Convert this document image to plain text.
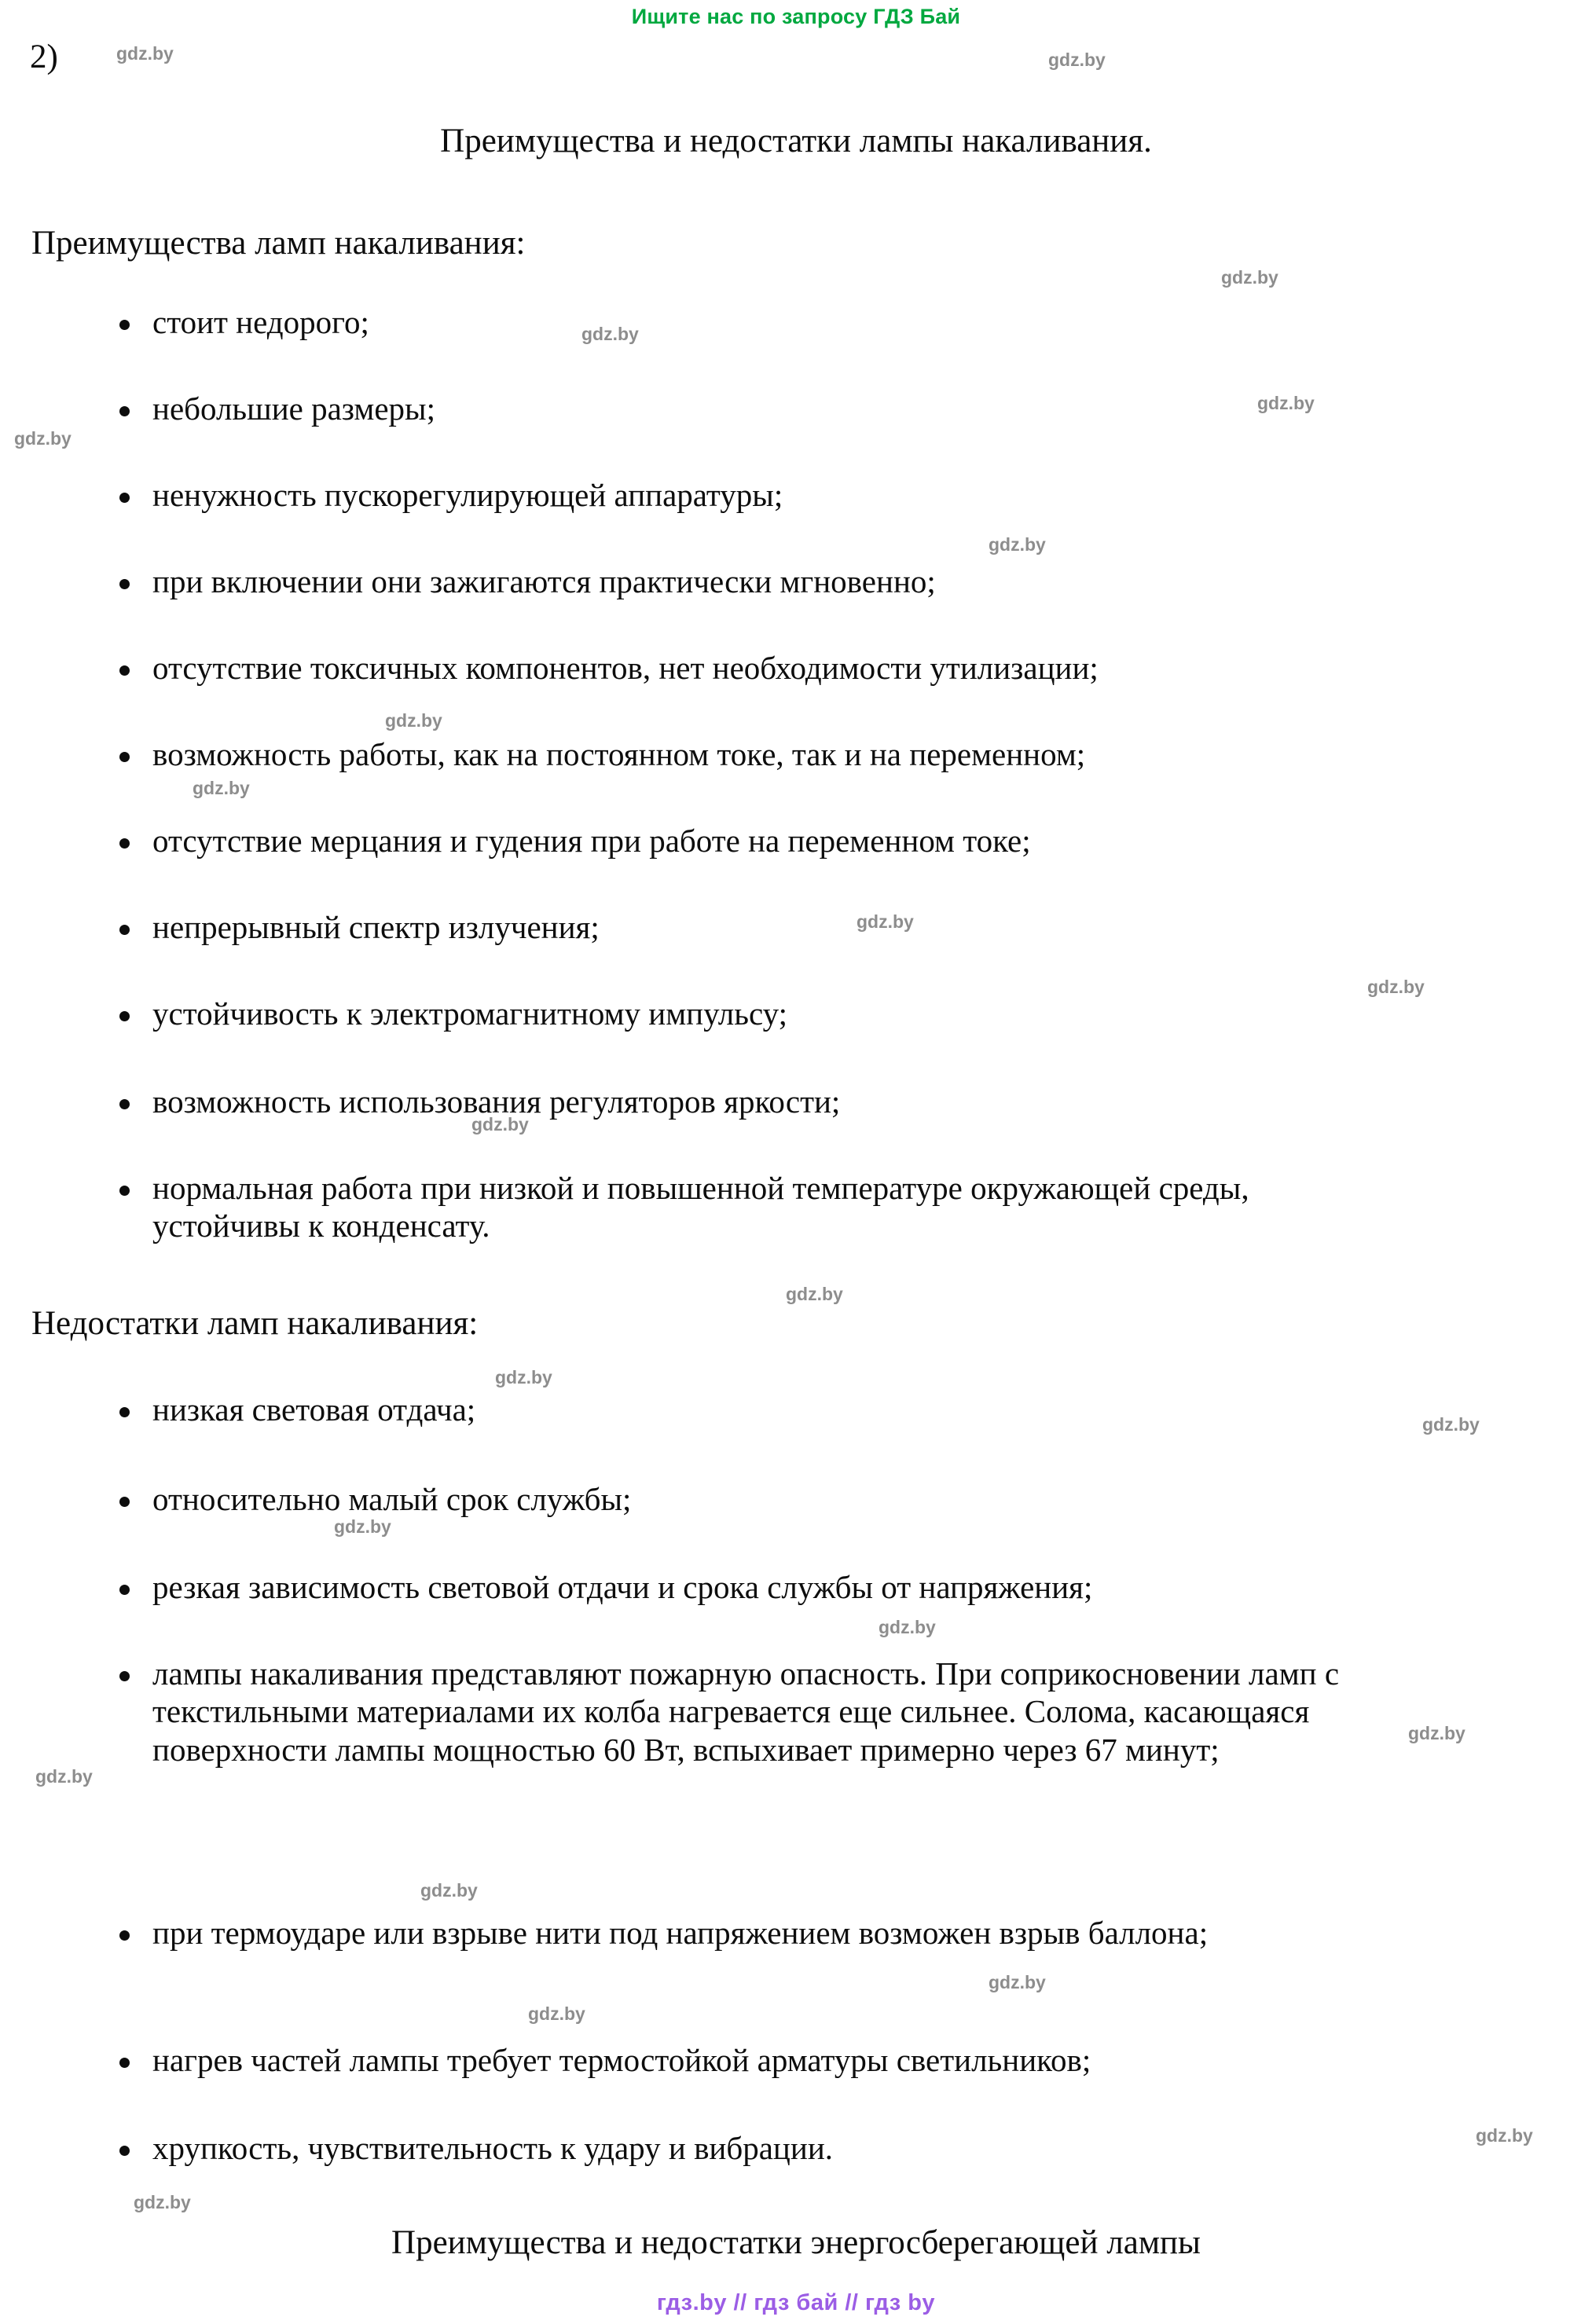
Ищите нас по запросу ГДЗ Бай
2)
Преимущества и недостатки лампы накаливания.
Преимущества ламп накаливания:
стоит недорого;
небольшие размеры;
ненужность пускорегулирующей аппаратуры;
при включении они зажигаются практически мгновенно;
отсутствие токсичных компонентов, нет необходимости утилизации;
возможность работы, как на постоянном токе, так и на переменном;
отсутствие мерцания и гудения при работе на переменном токе;
непрерывный спектр излучения;
устойчивость к электромагнитному импульсу;
возможность использования регуляторов яркости;
нормальная работа при низкой и повышенной температуре окружающей среды, устойчивы к конденсату.
Недостатки ламп накаливания:
низкая световая отдача;
относительно малый срок службы;
резкая зависимость световой отдачи и срока службы от напряжения;
лампы накаливания представляют пожарную опасность. При соприкосновении ламп с текстильными материалами их колба нагревается еще сильнее. Солома, касающаяся поверхности лампы мощностью 60 Вт, вспыхивает примерно через 67 минут;
при термоударе или взрыве нити под напряжением возможен взрыв баллона;
нагрев частей лампы требует термостойкой арматуры светильников;
хрупкость, чувствительность к удару и вибрации.
Преимущества и недостатки энергосберегающей лампы
gdz.by	gdz.by
gdz.by
gdz.by
gdz.by
gdz.by
gdz.by
gdz.by
gdz.by
gdz.by
gdz.by
gdz.by
gdz.by
gdz.by
gdz.by
gdz.by
gdz.by
gdz.by
gdz.by
gdz.by
gdz.by
gdz.by
gdz.by
gdz.by
гдз.by // гдз бай // гдз by
